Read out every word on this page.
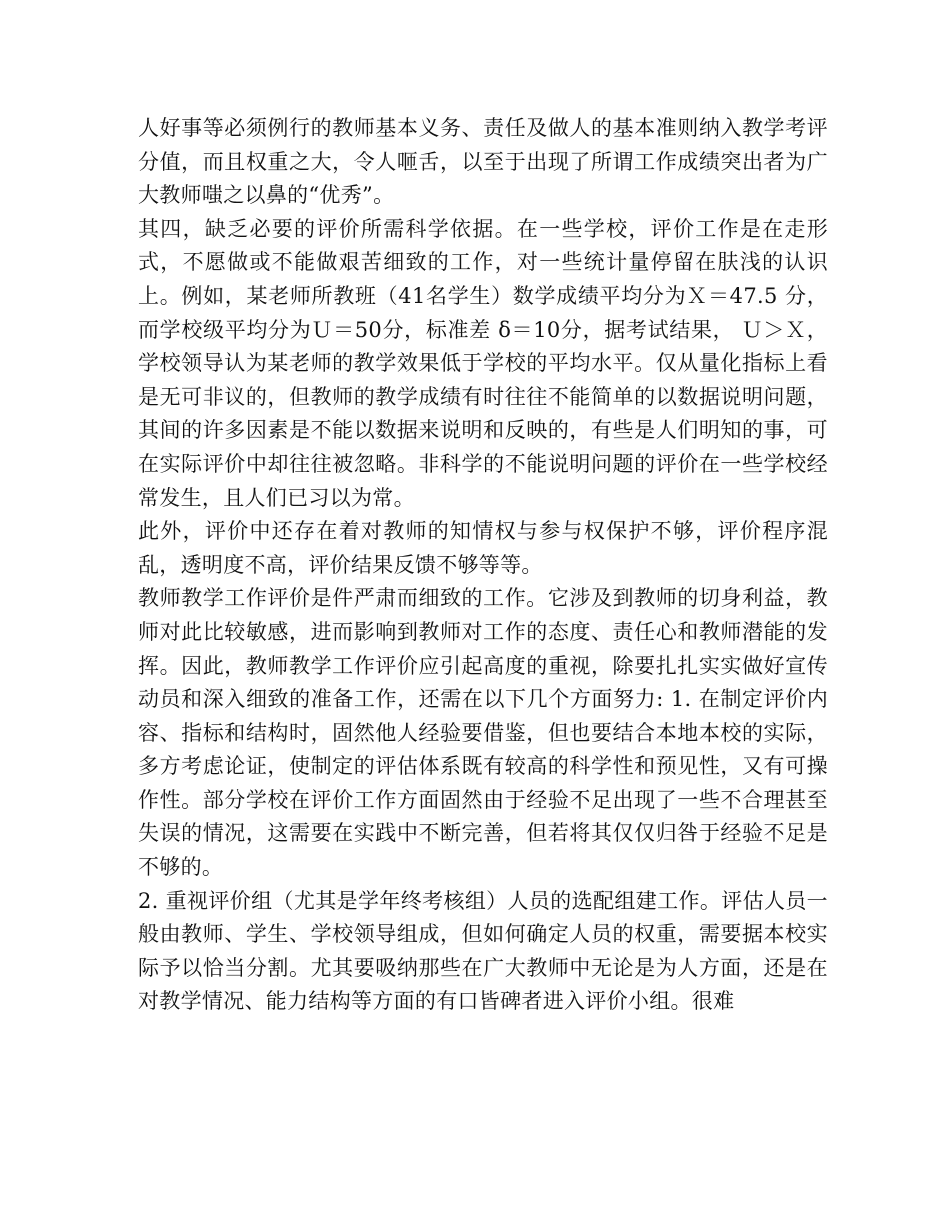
人好事等必须例行的教师基本义务、责任及做人的基本准则纳入教学考评分值，而且权重之大，令人咂舌，以至于出现了所谓工作成绩突出者为广大教师嗤之以鼻的“优秀”。

其四，缺乏必要的评价所需科学依据。在一些学校，评价工作是在走形式，不愿做或不能做艰苦细致的工作，对一些统计量停留在肤浅的认识上。例如，某老师所教班（41名学生）数学成绩平均分为Ｘ＝47.5 分，而学校级平均分为Ｕ＝50分，标准差 δ＝10分，据考试结果， Ｕ＞Ｘ，学校领导认为某老师的教学效果低于学校的平均水平。仅从量化指标上看是无可非议的，但教师的教学成绩有时往往不能简单的以数据说明问题，其间的许多因素是不能以数据来说明和反映的，有些是人们明知的事，可在实际评价中却往往被忽略。非科学的不能说明问题的评价在一些学校经常发生，且人们已习以为常。

此外，评价中还存在着对教师的知情权与参与权保护不够，评价程序混乱，透明度不高，评价结果反馈不够等等。

教师教学工作评价是件严肃而细致的工作。它涉及到教师的切身利益，教师对此比较敏感，进而影响到教师对工作的态度、责任心和教师潜能的发挥。因此，教师教学工作评价应引起高度的重视，除要扎扎实实做好宣传动员和深入细致的准备工作，还需在以下几个方面努力: 1. 在制定评价内容、指标和结构时，固然他人经验要借鉴，但也要结合本地本校的实际，多方考虑论证，使制定的评估体系既有较高的科学性和预见性，又有可操作性。部分学校在评价工作方面固然由于经验不足出现了一些不合理甚至失误的情况，这需要在实践中不断完善，但若将其仅仅归咎于经验不足是不够的。

2. 重视评价组（尤其是学年终考核组）人员的选配组建工作。评估人员一般由教师、学生、学校领导组成，但如何确定人员的权重，需要据本校实际予以恰当分割。尤其要吸纳那些在广大教师中无论是为人方面，还是在对教学情况、能力结构等方面的有口皆碑者进入评价小组。很难
